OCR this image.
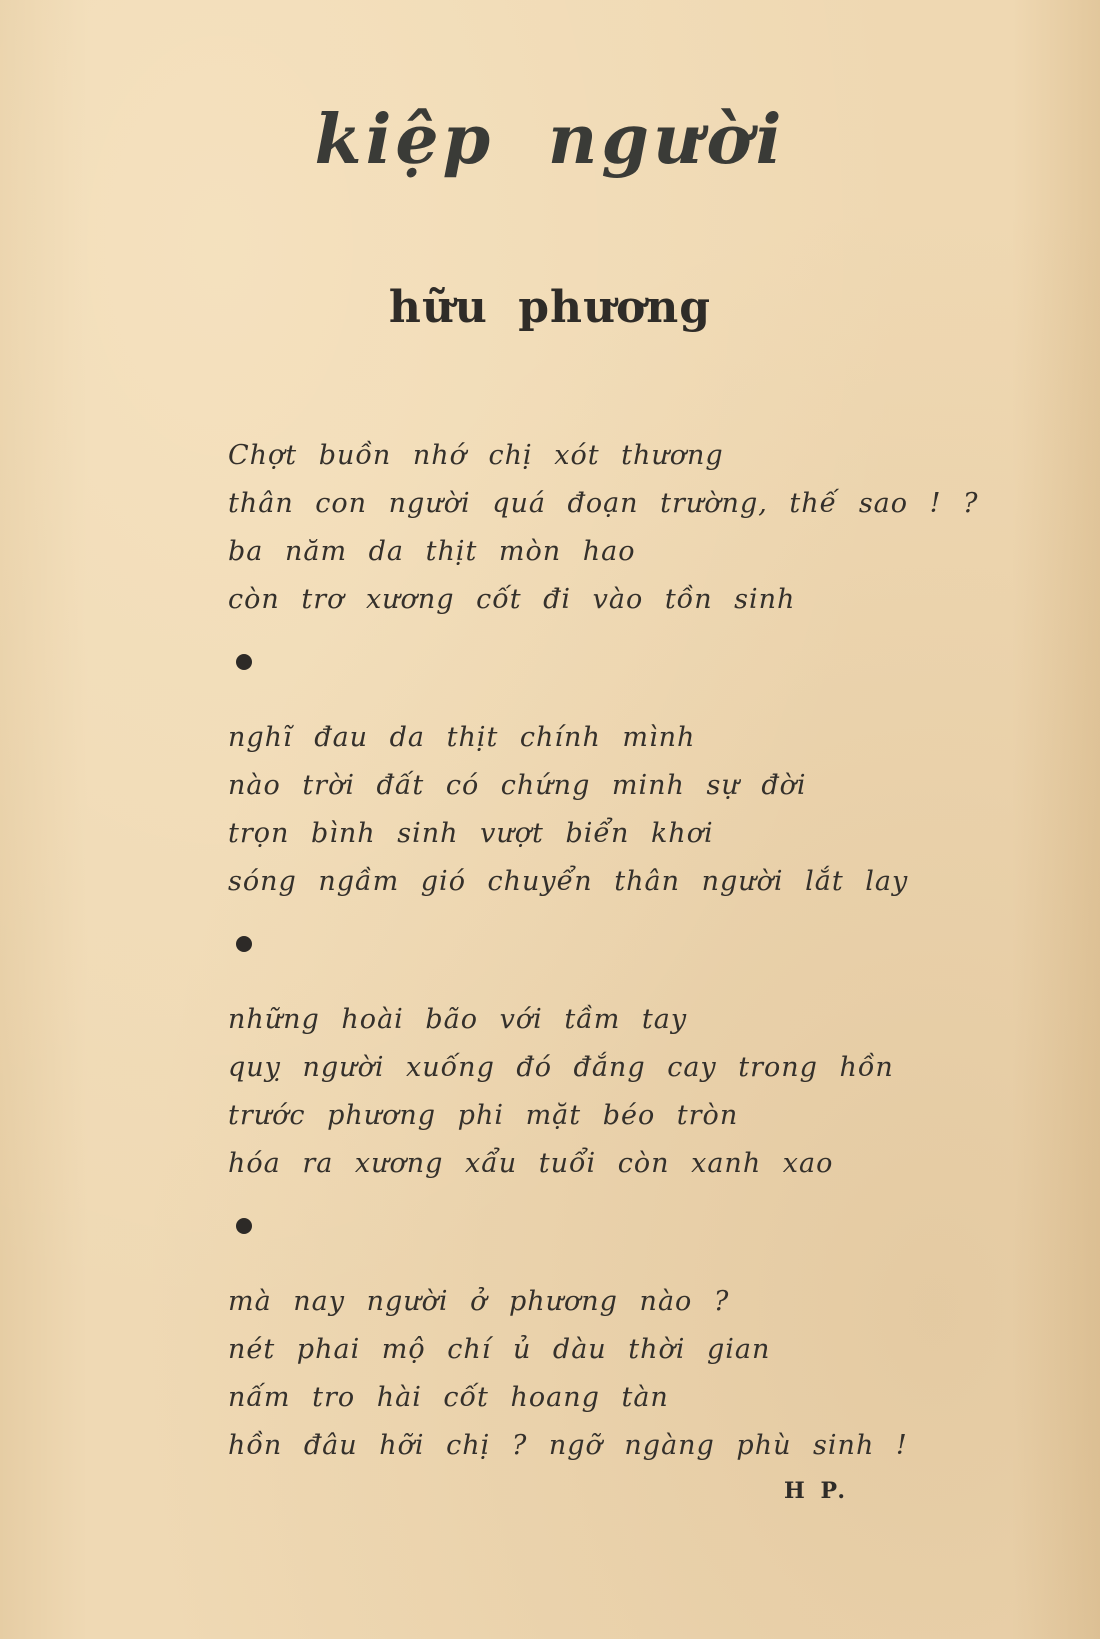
kiệp người
hữu phương
Chợt buồn nhớ chị xót thương
thân con người quá đoạn trường, thế sao ! ?
ba năm da thịt mòn hao
còn trơ xương cốt đi vào tồn sinh
nghĩ đau da thịt chính mình
nào trời đất có chứng minh sự đời
trọn bình sinh vượt biển khơi
sóng ngầm gió chuyển thân người lắt lay
những hoài bão với tầm tay
quỵ người xuống đó đắng cay trong hồn
trước phương phi mặt béo tròn
hóa ra xương xẩu tuổi còn xanh xao
mà nay người ở phương nào ?
nét phai mộ chí ủ dàu thời gian
nấm tro hài cốt hoang tàn
hồn đâu hỡi chị ? ngỡ ngàng phù sinh !
H P.
